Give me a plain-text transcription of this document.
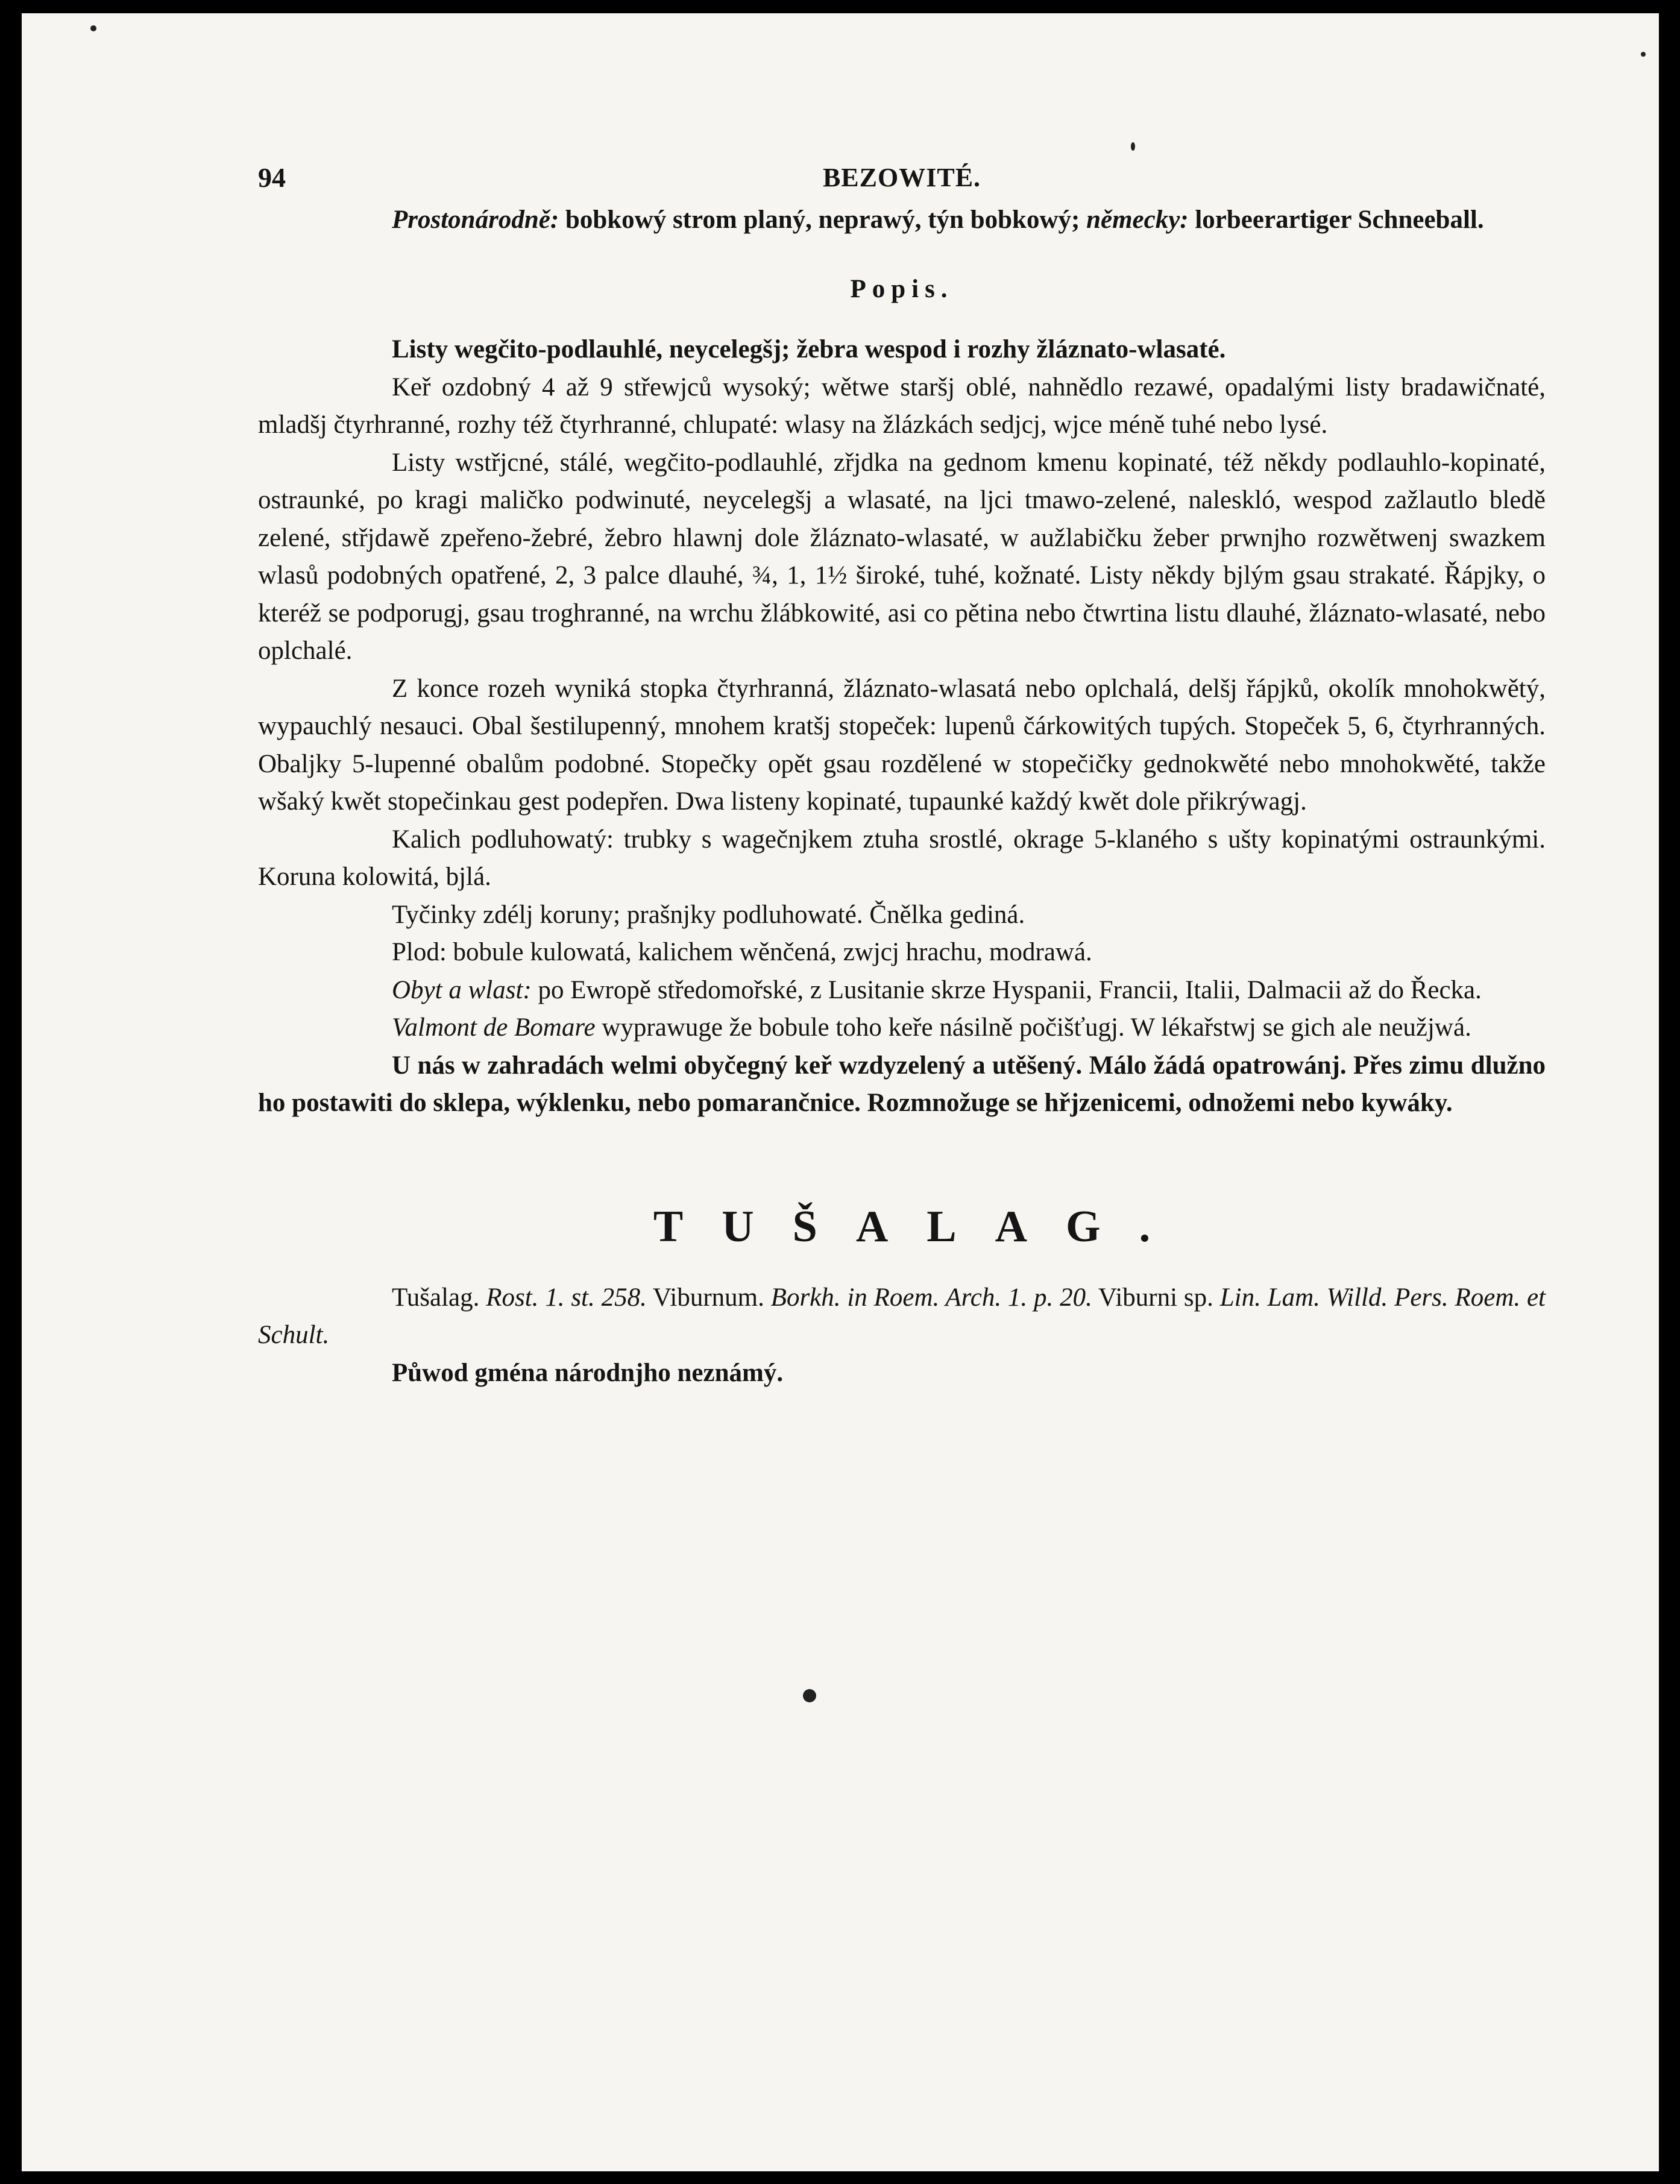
94	BEZOWITÉ.

Prostonárodně: bobkowý strom planý, neprawý, týn bobkowý; německy: lorbeerartiger Schneeball.

Popis.

Listy wegčito-podlauhlé, neycelegšj; žebra wespod i rozhy žláznato-wlasaté.

Keř ozdobný 4 až 9 střewjců wysoký; wětwe staršj oblé, nahnědlo rezawé, opadalými listy bradawičnaté, mladšj čtyrhranné, rozhy též čtyrhranné, chlupaté: wlasy na žlázkách sedjcj, wjce méně tuhé nebo lysé.

Listy wstřjcné, stálé, wegčito-podlauhlé, zřjdka na gednom kmenu kopinaté, též někdy podlauhlo-kopinaté, ostraunké, po kragi maličko podwinuté, neycelegšj a wlasaté, na ljci tmawo-zelené, naleskló, wespod zažlautlo bledě zelené, střjdawě zpeřeno-žebré, žebro hlawnj dole žláznato-wlasaté, w aužlabičku žeber prwnjho rozwětwenj swazkem wlasů podobných opatřené, 2, 3 palce dlauhé, ¾, 1, 1½ široké, tuhé, kožnaté. Listy někdy bjlým gsau strakaté. Řápjky, o kteréž se podporugj, gsau troghranné, na wrchu žlábkowité, asi co pětina nebo čtwrtina listu dlauhé, žláznato-wlasaté, nebo oplchalé.

Z konce rozeh wyniká stopka čtyrhranná, žláznato-wlasatá nebo oplchalá, delšj řápjků, okolík mnohokwětý, wypauchlý nesauci. Obal šestilupenný, mnohem kratšj stopeček: lupenů čárkowitých tupých. Stopeček 5, 6, čtyrhranných. Obaljky 5-lupenné obalům podobné. Stopečky opět gsau rozdělené w stopečičky gednokwěté nebo mnohokwěté, takže wšaký kwět stopečinkau gest podepřen. Dwa listeny kopinaté, tupaunké každý kwět dole přikrýwagj.

Kalich podluhowatý: trubky s wagečnjkem ztuha srostlé, okrage 5-klaného s ušty kopinatými ostraunkými. Koruna kolowitá, bjlá.

Tyčinky zdélj koruny; prašnjky podluhowaté. Čnělka gediná.

Plod: bobule kulowatá, kalichem wěnčená, zwjcj hrachu, modrawá.

Obyt a wlast: po Ewropě středomořské, z Lusitanie skrze Hyspanii, Francii, Italii, Dalmacii až do Řecka.

Valmont de Bomare wyprawuge že bobule toho keře násilně počišťugj. W lékařstwj se gich ale neužjwá.

U nás w zahradách welmi obyčegný keř wzdyzelený a utěšený. Málo žádá opatrowánj. Přes zimu dlužno ho postawiti do sklepa, wýklenku, nebo pomarančnice. Rozmnožuge se hřjzenicemi, odnožemi nebo kywáky.

TUŠALAG.

Tušalag. Rost. 1. st. 258. Viburnum. Borkh. in Roem. Arch. 1. p. 20. Viburni sp. Lin. Lam. Willd. Pers. Roem. et Schult.

Půwod gména národnjho neznámý.
